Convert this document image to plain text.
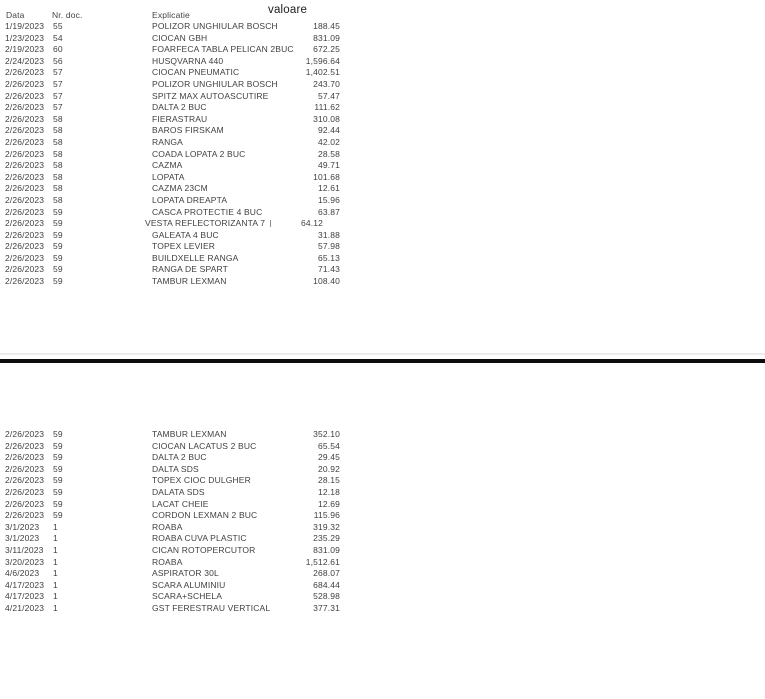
Data	Nr. doc.	Explicatie	valoare
1/19/2023 55	POLIZOR UNGHIULAR BOSCH	188.45
1/23/2023 54	CIOCAN GBH	831.09
2/19/2023 60	FOARFECA TABLA PELICAN 2BUC	672.25
2/24/2023 56	HUSQVARNA 440	1,596.64
2/26/2023 57	CIOCAN PNEUMATIC	1,402.51
2/26/2023 57	POLIZOR UNGHIULAR BOSCH	243.70
2/26/2023 57	SPITZ MAX AUTOASCUTIRE	57.47
2/26/2023 57	DALTA 2 BUC	111.62
2/26/2023 58	FIERASTRAU	310.08
2/26/2023 58	BAROS FIRSKAM	92.44
2/26/2023 58	RANGA	42.02
2/26/2023 58	COADA LOPATA 2 BUC	28.58
2/26/2023 58	CAZMA	49.71
2/26/2023 58	LOPATA	101.68
2/26/2023 58	CAZMA 23CM	12.61
2/26/2023 58	LOPATA DREAPTA	15.96
2/26/2023 59	CASCA PROTECTIE 4 BUC	63.87
2/26/2023 59	VESTA REFLECTORIZANTA 7	64.12
2/26/2023 59	GALEATA 4 BUC	31.88
2/26/2023 59	TOPEX LEVIER	57.98
2/26/2023 59	BUILDXELLE RANGA	65.13
2/26/2023 59	RANGA DE SPART	71.43
2/26/2023 59	TAMBUR LEXMAN	108.40
2/26/2023 59	TAMBUR LEXMAN	352.10
2/26/2023 59	CIOCAN LACATUS 2 BUC	65.54
2/26/2023 59	DALTA 2 BUC	29.45
2/26/2023 59	DALTA SDS	20.92
2/26/2023 59	TOPEX CIOC DULGHER	28.15
2/26/2023 59	DALATA SDS	12.18
2/26/2023 59	LACAT CHEIE	12.69
2/26/2023 59	CORDON LEXMAN 2 BUC	115.96
3/1/2023 1	ROABA	319.32
3/1/2023 1	ROABA CUVA PLASTIC	235.29
3/11/2023 1	CICAN ROTOPERCUTOR	831.09
3/20/2023 1	ROABA	1,512.61
4/6/2023 1	ASPIRATOR 30L	268.07
4/17/2023 1	SCARA ALUMINIU	684.44
4/17/2023 1	SCARA+SCHELA	528.98
4/21/2023 1	GST FERESTRAU VERTICAL	377.31
